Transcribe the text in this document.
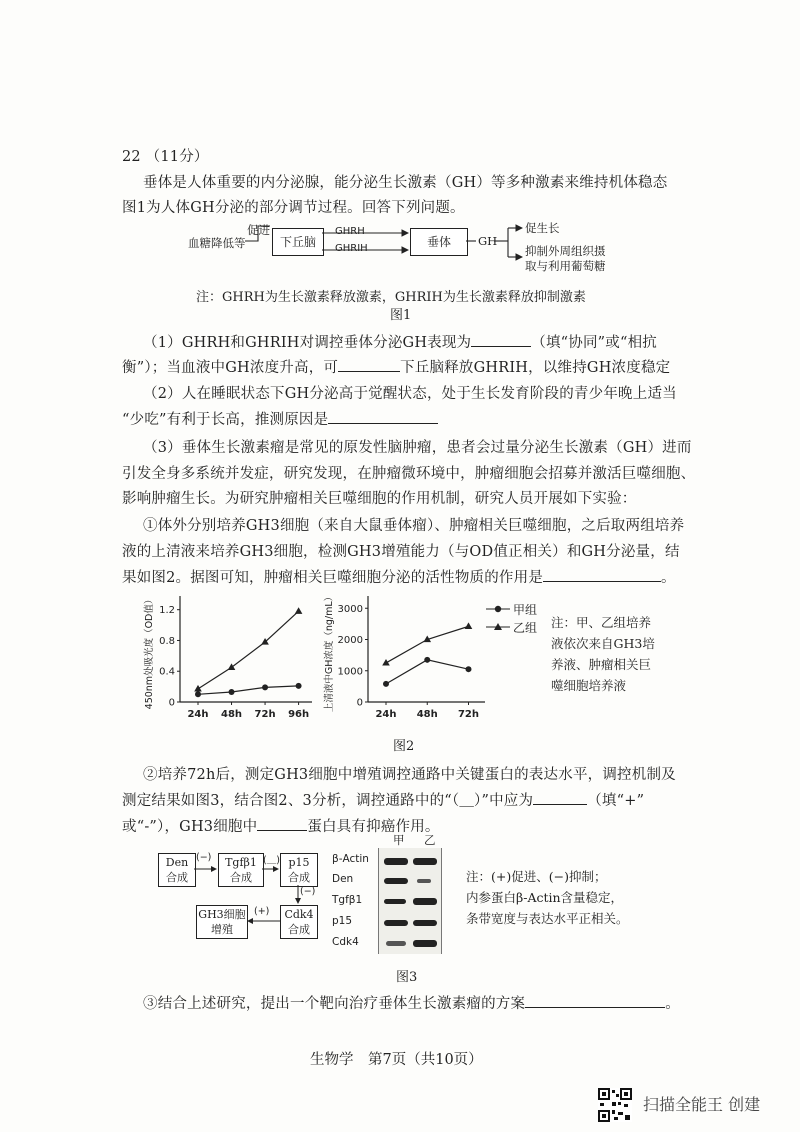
22 （11分）
垂体是人体重要的内分泌腺，能分泌生长激素（GH）等多种激素来维持机体稳态
图1为人体GH分泌的部分调节过程。回答下列问题。
血糖降低等
促进
下丘脑
GHRH
GHRIH	垂体	GH
促生长
抑制外周组织摄
取与利用葡萄糖
注：GHRH为生长激素释放激素，GHRIH为生长激素释放抑制激素
图1
（1）GHRH和GHRIH对调控垂体分泌GH表现为	（填“协同”或“相抗
衡”）；当血液中GH浓度升高，可	下丘脑释放GHRIH，以维持GH浓度稳定
（2）人在睡眠状态下GH分泌高于觉醒状态，处于生长发育阶段的青少年晚上适当
“少吃”有利于长高，推测原因是
（3）垂体生长激素瘤是常见的原发性脑肿瘤，患者会过量分泌生长激素（GH）进而
引发全身多系统并发症，研究发现，在肿瘤微环境中，肿瘤细胞会招募并激活巨噬细胞、
影响肿瘤生长。为研究肿瘤相关巨噬细胞的作用机制，研究人员开展如下实验：
①体外分别培养GH3细胞（来自大鼠垂体瘤）、肿瘤相关巨噬细胞，之后取两组培养
液的上清液来培养GH3细胞，检测GH3增殖能力（与OD值正相关）和GH分泌量，结
果如图2。据图可知，肿瘤相关巨噬细胞分泌的活性物质的作用是	。
0
0.4
0.8
1.2
24h 48h 72h 96h
450nm处吸光度（OD值）	0
1000
2000
3000
24h 48h 72h
上清液中GH浓度（ng/mL）	甲组
乙组 注：甲、乙组培养
液依次来自GH3培
养液、肿瘤相关巨
噬细胞培养液
图2
②培养72h后，测定GH3细胞中增殖调控通路中关键蛋白的表达水平，调控机制及
测定结果如图3，结合图2、3分析，调控通路中的“（＿）”中应为	（填“+”
或“-”），GH3细胞中	蛋白具有抑癌作用。
Den
合成
Tgfβ1
合成
p15
合成
Cdk4
合成
GH3细胞
增殖
(−)	(＿)
(−)
(+)
甲 乙
β-Actin
Den
Tgfβ1
p15
Cdk4
注：(+)促进、(−)抑制；
内参蛋白β-Actin含量稳定，
条带宽度与表达水平正相关。
图3
③结合上述研究，提出一个靶向治疗垂体生长激素瘤的方案	。
生物学　第7页（共10页）
扫描全能王 创建
